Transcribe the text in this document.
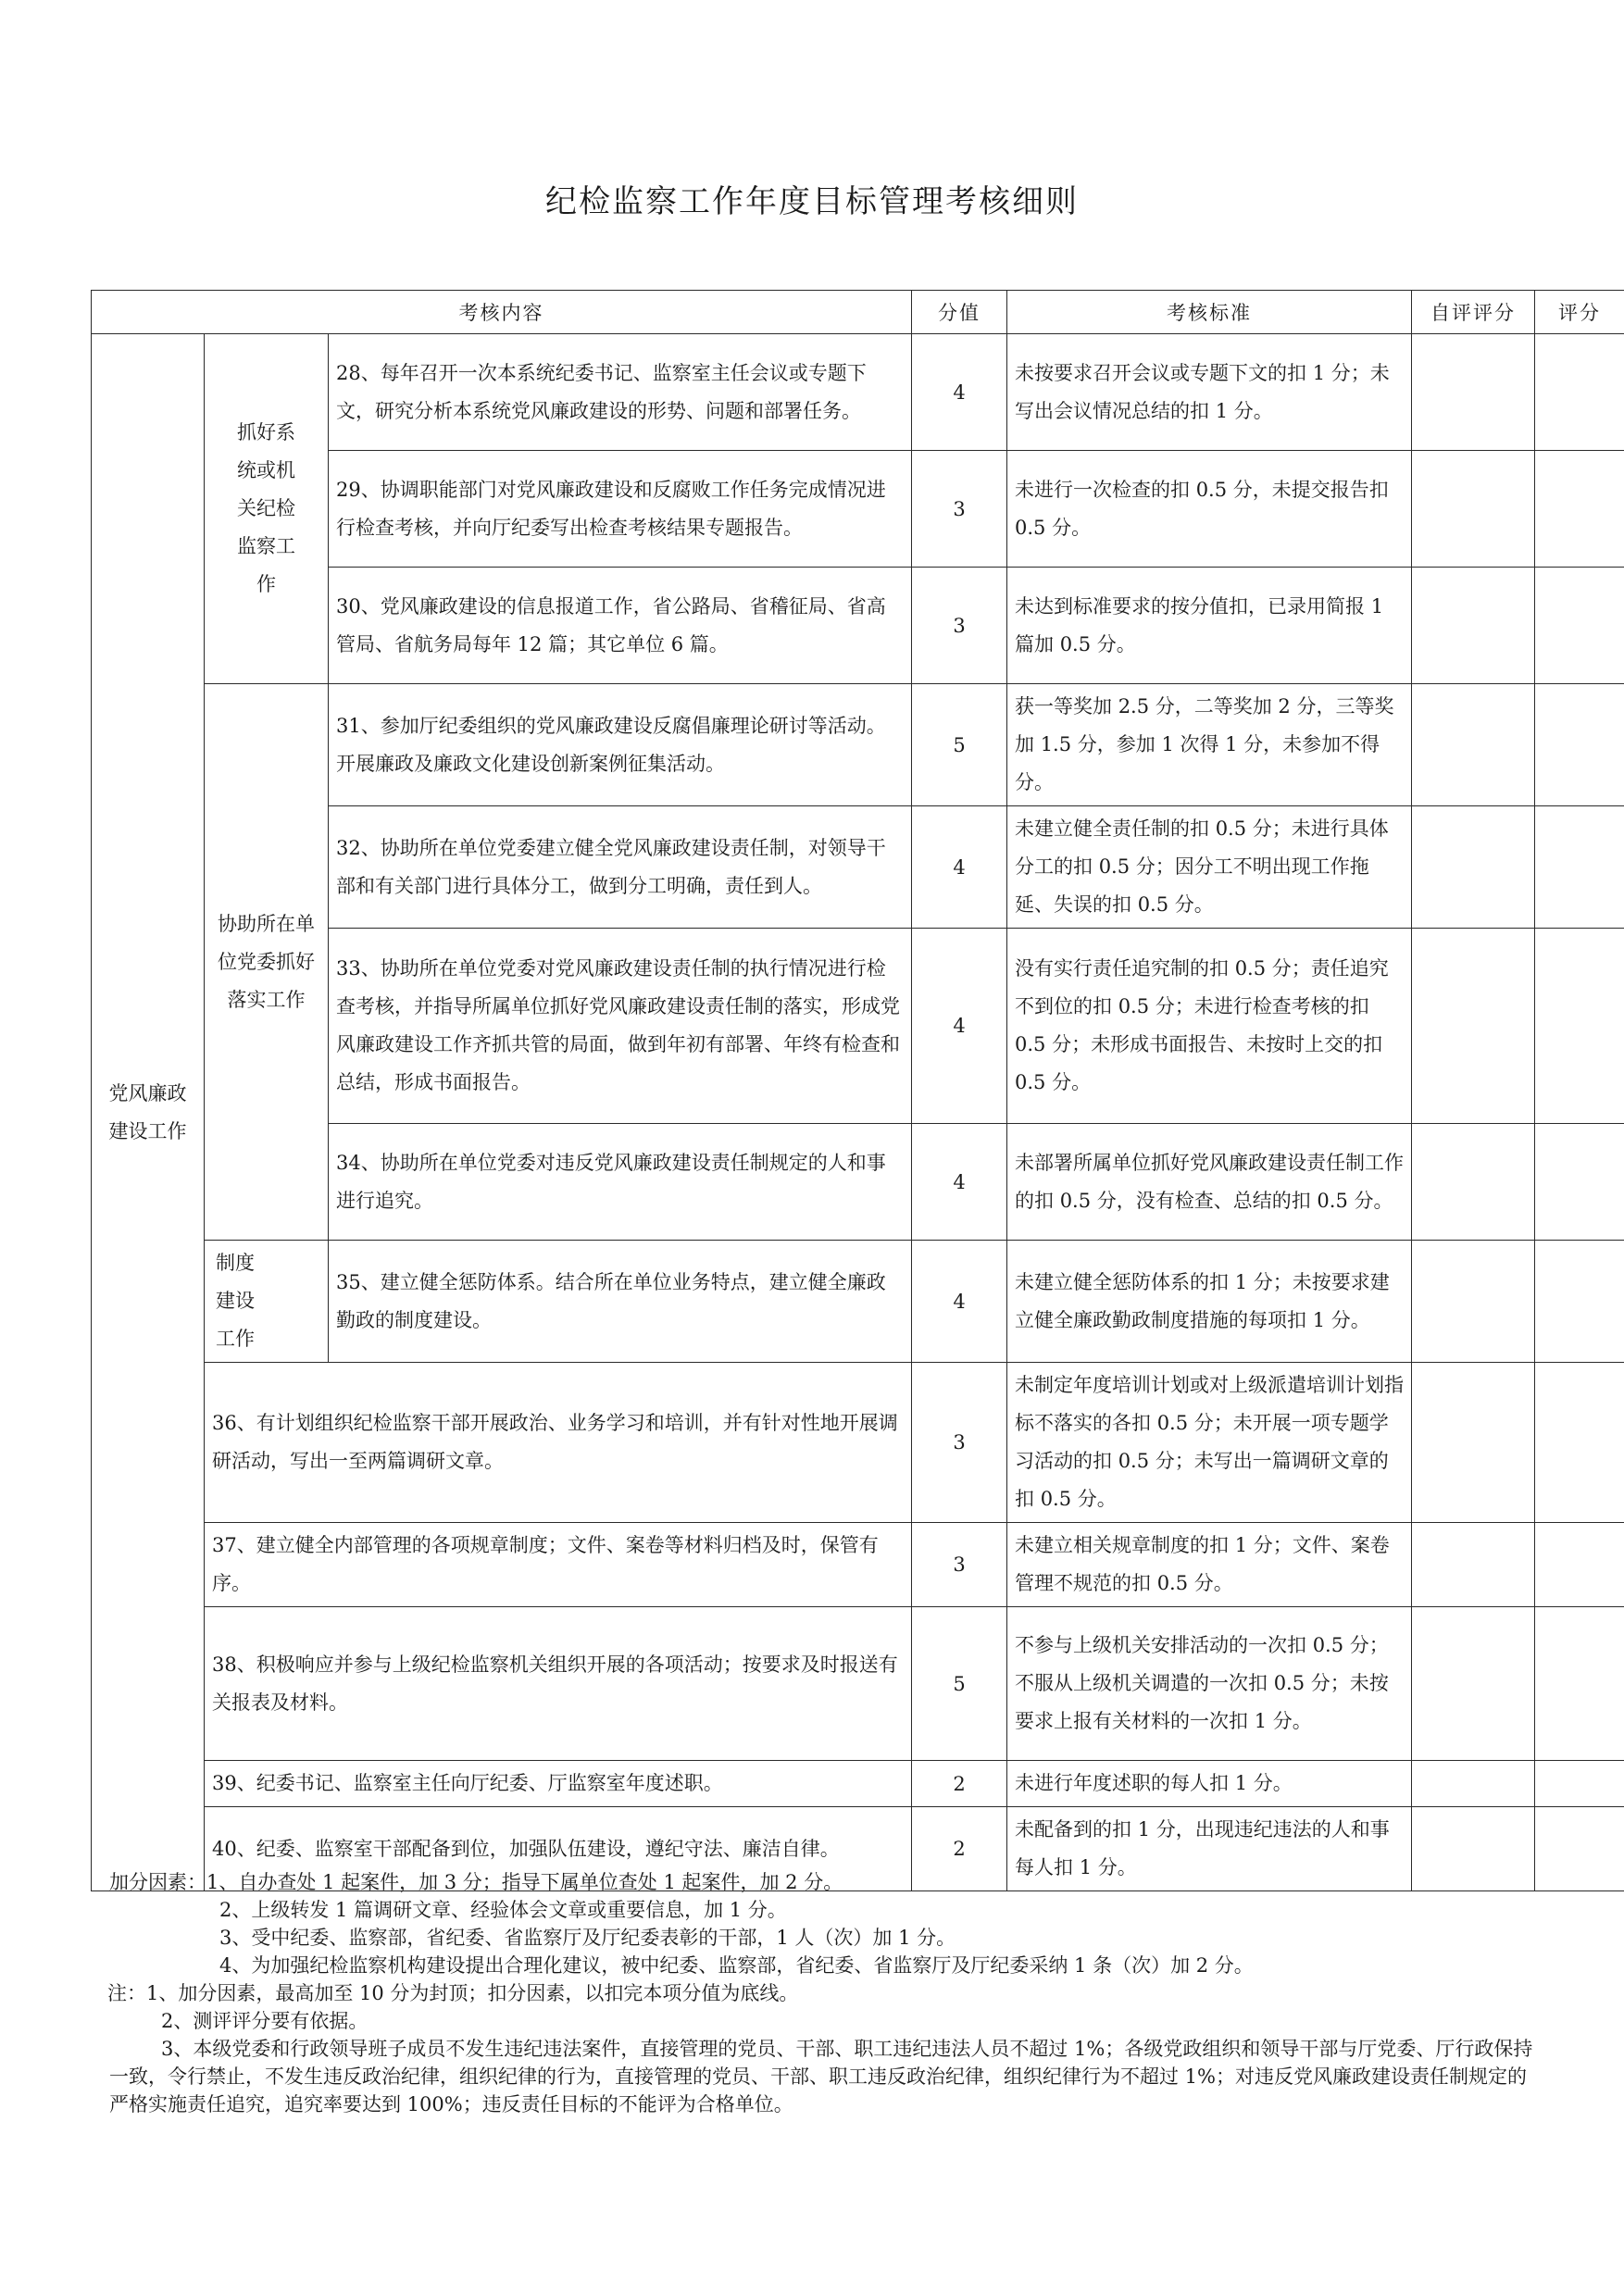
纪检监察工作年度目标管理考核细则
考核内容			分值	考核标准	自评评分	评分
党风廉政建设工作	抓好系统或机关纪检监察工作	28、每年召开一次本系统纪委书记、监察室主任会议或专题下文，研究分析本系统党风廉政建设的形势、问题和部署任务。	4	未按要求召开会议或专题下文的扣 1 分；未写出会议情况总结的扣 1 分。		
		29、协调职能部门对党风廉政建设和反腐败工作任务完成情况进行检查考核，并向厅纪委写出检查考核结果专题报告。	3	未进行一次检查的扣 0.5 分，未提交报告扣 0.5 分。		
		30、党风廉政建设的信息报道工作，省公路局、省稽征局、省高管局、省航务局每年 12 篇；其它单位 6 篇。	3	未达到标准要求的按分值扣，已录用简报 1 篇加 0.5 分。		
	协助所在单位党委抓好落实工作	31、参加厅纪委组织的党风廉政建设反腐倡廉理论研讨等活动。开展廉政及廉政文化建设创新案例征集活动。	5	获一等奖加 2.5 分，二等奖加 2 分，三等奖加 1.5 分，参加 1 次得 1 分，未参加不得分。		
		32、协助所在单位党委建立健全党风廉政建设责任制，对领导干部和有关部门进行具体分工，做到分工明确，责任到人。	4	未建立健全责任制的扣 0.5 分；未进行具体分工的扣 0.5 分；因分工不明出现工作拖延、失误的扣 0.5 分。		
		33、协助所在单位党委对党风廉政建设责任制的执行情况进行检查考核，并指导所属单位抓好党风廉政建设责任制的落实，形成党风廉政建设工作齐抓共管的局面，做到年初有部署、年终有检查和总结，形成书面报告。	4	没有实行责任追究制的扣 0.5 分；责任追究不到位的扣 0.5 分；未进行检查考核的扣 0.5 分；未形成书面报告、未按时上交的扣 0.5 分。		
		34、协助所在单位党委对违反党风廉政建设责任制规定的人和事进行追究。	4	未部署所属单位抓好党风廉政建设责任制工作的扣 0.5 分，没有检查、总结的扣 0.5 分。		
	制度建设工作	35、建立健全惩防体系。结合所在单位业务特点，建立健全廉政勤政的制度建设。	4	未建立健全惩防体系的扣 1 分；未按要求建立健全廉政勤政制度措施的每项扣 1 分。		
	36、有计划组织纪检监察干部开展政治、业务学习和培训，并有针对性地开展调研活动，写出一至两篇调研文章。		3	未制定年度培训计划或对上级派遣培训计划指标不落实的各扣 0.5 分；未开展一项专题学习活动的扣 0.5 分；未写出一篇调研文章的扣 0.5 分。		
	37、建立健全内部管理的各项规章制度；文件、案卷等材料归档及时，保管有序。		3	未建立相关规章制度的扣 1 分；文件、案卷管理不规范的扣 0.5 分。		
	38、积极响应并参与上级纪检监察机关组织开展的各项活动；按要求及时报送有关报表及材料。		5	不参与上级机关安排活动的一次扣 0.5 分；不服从上级机关调遣的一次扣 0.5 分；未按要求上报有关材料的一次扣 1 分。		
	39、纪委书记、监察室主任向厅纪委、厅监察室年度述职。		2	未进行年度述职的每人扣 1 分。		
	40、纪委、监察室干部配备到位，加强队伍建设，遵纪守法、廉洁自律。		2	未配备到的扣 1 分，出现违纪违法的人和事每人扣 1 分。		
加分因素：1、自办查处 1 起案件，加 3 分；指导下属单位查处 1 起案件，加 2 分。
2、上级转发 1 篇调研文章、经验体会文章或重要信息，加 1 分。
3、受中纪委、监察部，省纪委、省监察厅及厅纪委表彰的干部，1 人（次）加 1 分。
4、为加强纪检监察机构建设提出合理化建议，被中纪委、监察部，省纪委、省监察厅及厅纪委采纳 1 条（次）加 2 分。
注：1、加分因素，最高加至 10 分为封顶；扣分因素，以扣完本项分值为底线。
2、测评评分要有依据。
3、本级党委和行政领导班子成员不发生违纪违法案件，直接管理的党员、干部、职工违纪违法人员不超过 1%；各级党政组织和领导干部与厅党委、厅行政保持一致，令行禁止，不发生违反政治纪律，组织纪律的行为，直接管理的党员、干部、职工违反政治纪律，组织纪律行为不超过 1%；对违反党风廉政建设责任制规定的严格实施责任追究，追究率要达到 100%；违反责任目标的不能评为合格单位。
